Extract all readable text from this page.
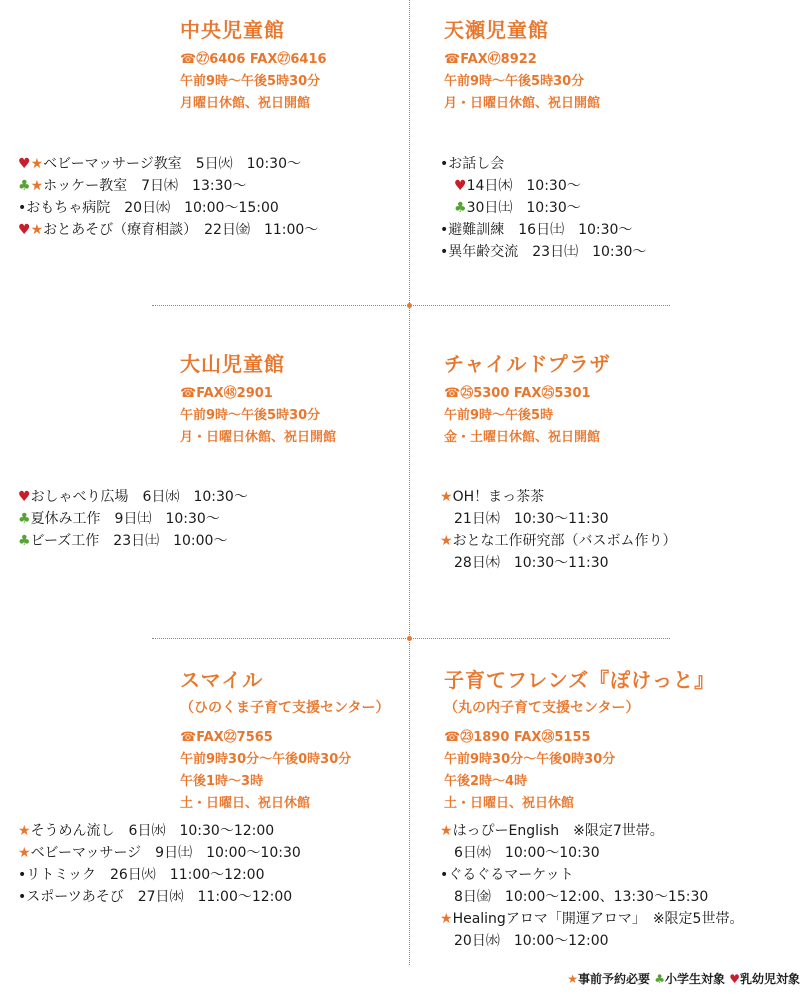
中央児童館
☎㉗6406 FAX㉗6416
午前9時～午後5時30分
月曜日休館、祝日開館
天瀬児童館
☎FAX㊼8922
午前9時～午後5時30分
月・日曜日休館、祝日開館
大山児童館
☎FAX㊽2901
午前9時～午後5時30分
月・日曜日休館、祝日開館
チャイルドプラザ
☎㉕5300 FAX㉕5301
午前9時～午後5時
金・土曜日休館、祝日開館
スマイル
（ひのくま子育て支援センター）
☎FAX㉒7565
午前9時30分～午後0時30分
午後1時～3時
土・日曜日、祝日休館
子育てフレンズ『ぽけっと』
（丸の内子育て支援センター）
☎㉓1890 FAX㉘5155
午前9時30分～午後0時30分
午後2時～4時
土・日曜日、祝日休館
♥★ベビーマッサージ教室　5日㈫　10:30～
♣★ホッケー教室　7日㈭　13:30～
•おもちゃ病院　20日㈬　10:00～15:00
♥★おとあそび（療育相談）　22日㈮　11:00～
•お話し会
♥14日㈭　10:30～
♣30日㈯　10:30～
•避難訓練　16日㈯　10:30～
•異年齢交流　23日㈯　10:30～
♥おしゃべり広場　6日㈬　10:30～
♣夏休み工作　9日㈯　10:30～
♣ビーズ工作　23日㈯　10:00～
★OH！まっ茶茶
21日㈭　10:30～11:30
★おとな工作研究部（バスボム作り）
28日㈭　10:30～11:30
★そうめん流し　6日㈬　10:30～12:00
★ベビーマッサージ　9日㈯　10:00～10:30
•リトミック　26日㈫　11:00～12:00
•スポーツあそび　27日㈬　11:00～12:00
★はっぴーEnglish　※限定7世帯。
6日㈬　10:00～10:30
•ぐるぐるマーケット
8日㈮　10:00～12:00、13:30～15:30
★Healingアロマ「開運アロマ」　※限定5世帯。
20日㈬　10:00～12:00
★事前予約必要 ♣小学生対象 ♥乳幼児対象
